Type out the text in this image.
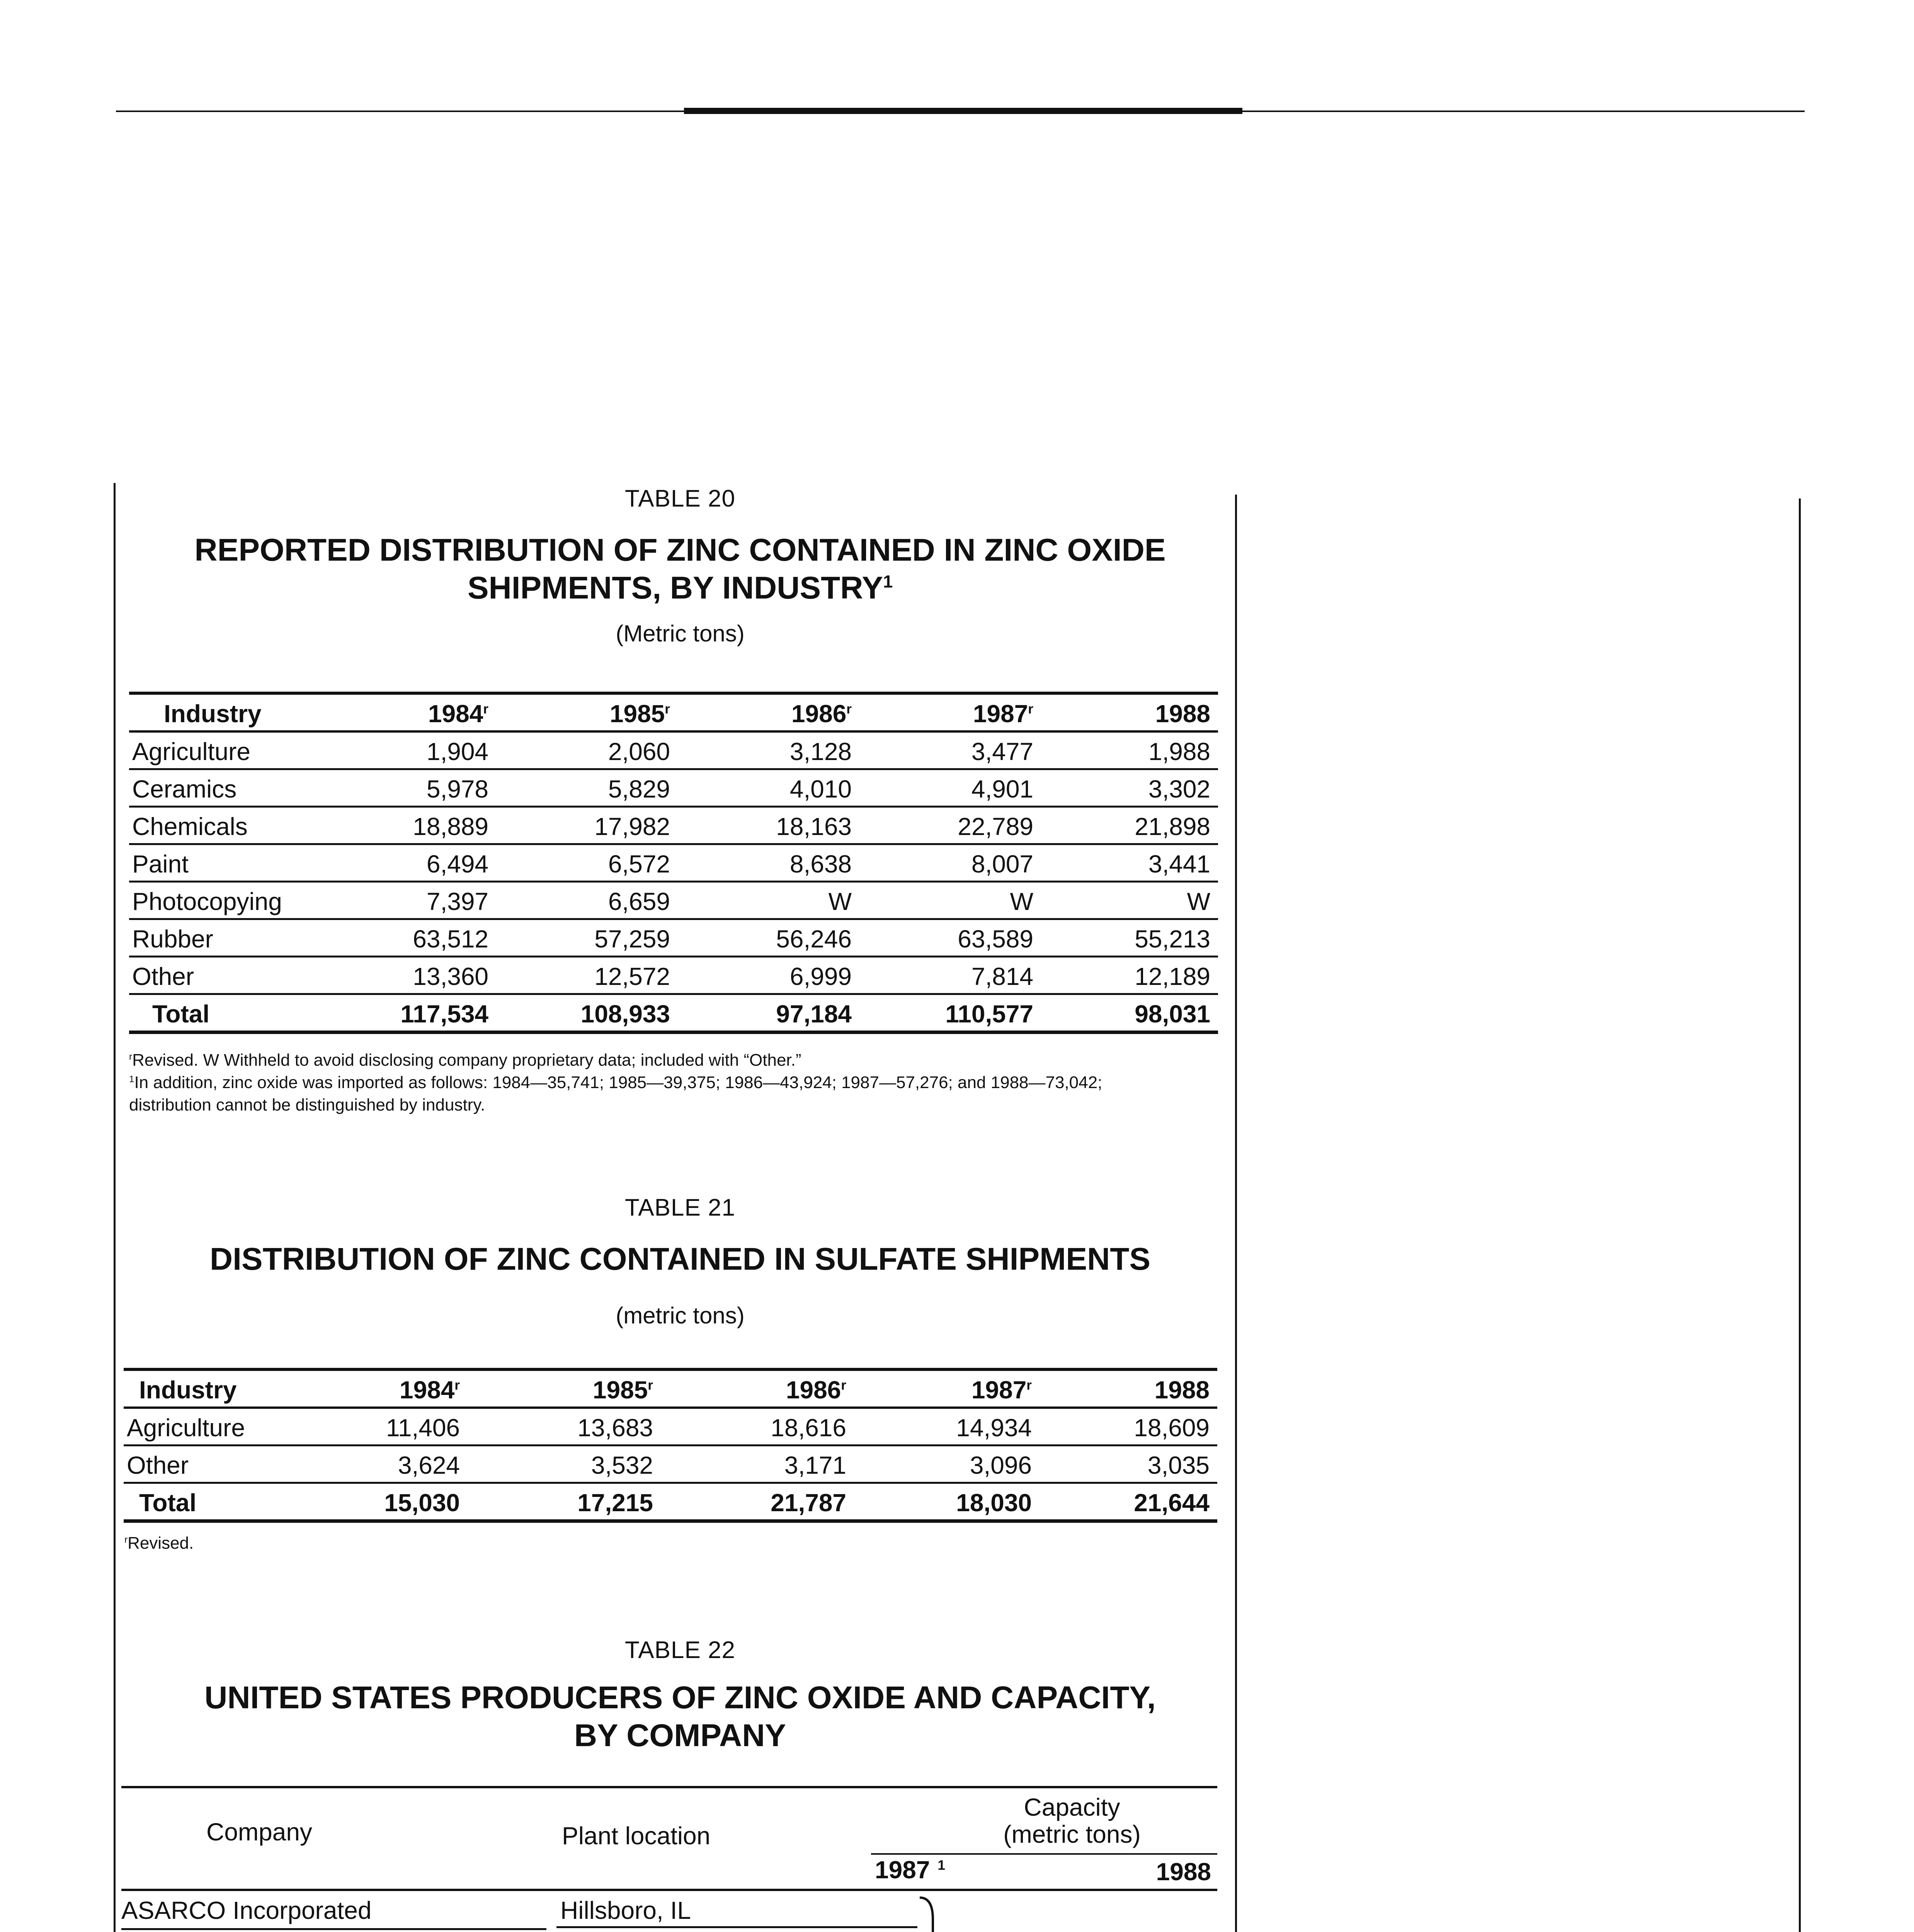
TABLE 20
REPORTED DISTRIBUTION OF ZINC CONTAINED IN ZINC OXIDE
SHIPMENTS, BY INDUSTRY$^1$
(Metric tons)
Industry	1984$^r$	1985$^r$	1986$^r$	1987$^r$	1988
Agriculture	1,904	2,060	3,128	3,477	1,988
Ceramics	5,978	5,829	4,010	4,901	3,302
Chemicals	18,889	17,982	18,163	22,789	21,898
Paint	6,494	6,572	8,638	8,007	3,441
Photocopying	7,397	6,659	W	W	W
Rubber	63,512	57,259	56,246	63,589	55,213
Other	13,360	12,572	6,999	7,814	12,189
Total	117,534	108,933	97,184	110,577	98,031
$^r$Revised. W Withheld to avoid disclosing company proprietary data; included with “Other.”
$^1$In addition, zinc oxide was imported as follows: 1984—35,741; 1985—39,375; 1986—43,924; 1987—57,276; and 1988—73,042;
distribution cannot be distinguished by industry.
TABLE 21
DISTRIBUTION OF ZINC CONTAINED IN SULFATE SHIPMENTS
(metric tons)
Industry	1984$^r$	1985$^r$	1986$^r$	1987$^r$	1988
Agriculture	11,406	13,683	18,616	14,934	18,609
Other	3,624	3,532	3,171	3,096	3,035
Total	15,030	17,215	21,787	18,030	21,644
$^r$Revised.
TABLE 22
UNITED STATES PRODUCERS OF ZINC OXIDE AND CAPACITY,
BY COMPANY
Company	Plant location
Capacity
(metric tons)
1987 $^1$	1988
ASARCO Incorporated	Hillsboro, IL
